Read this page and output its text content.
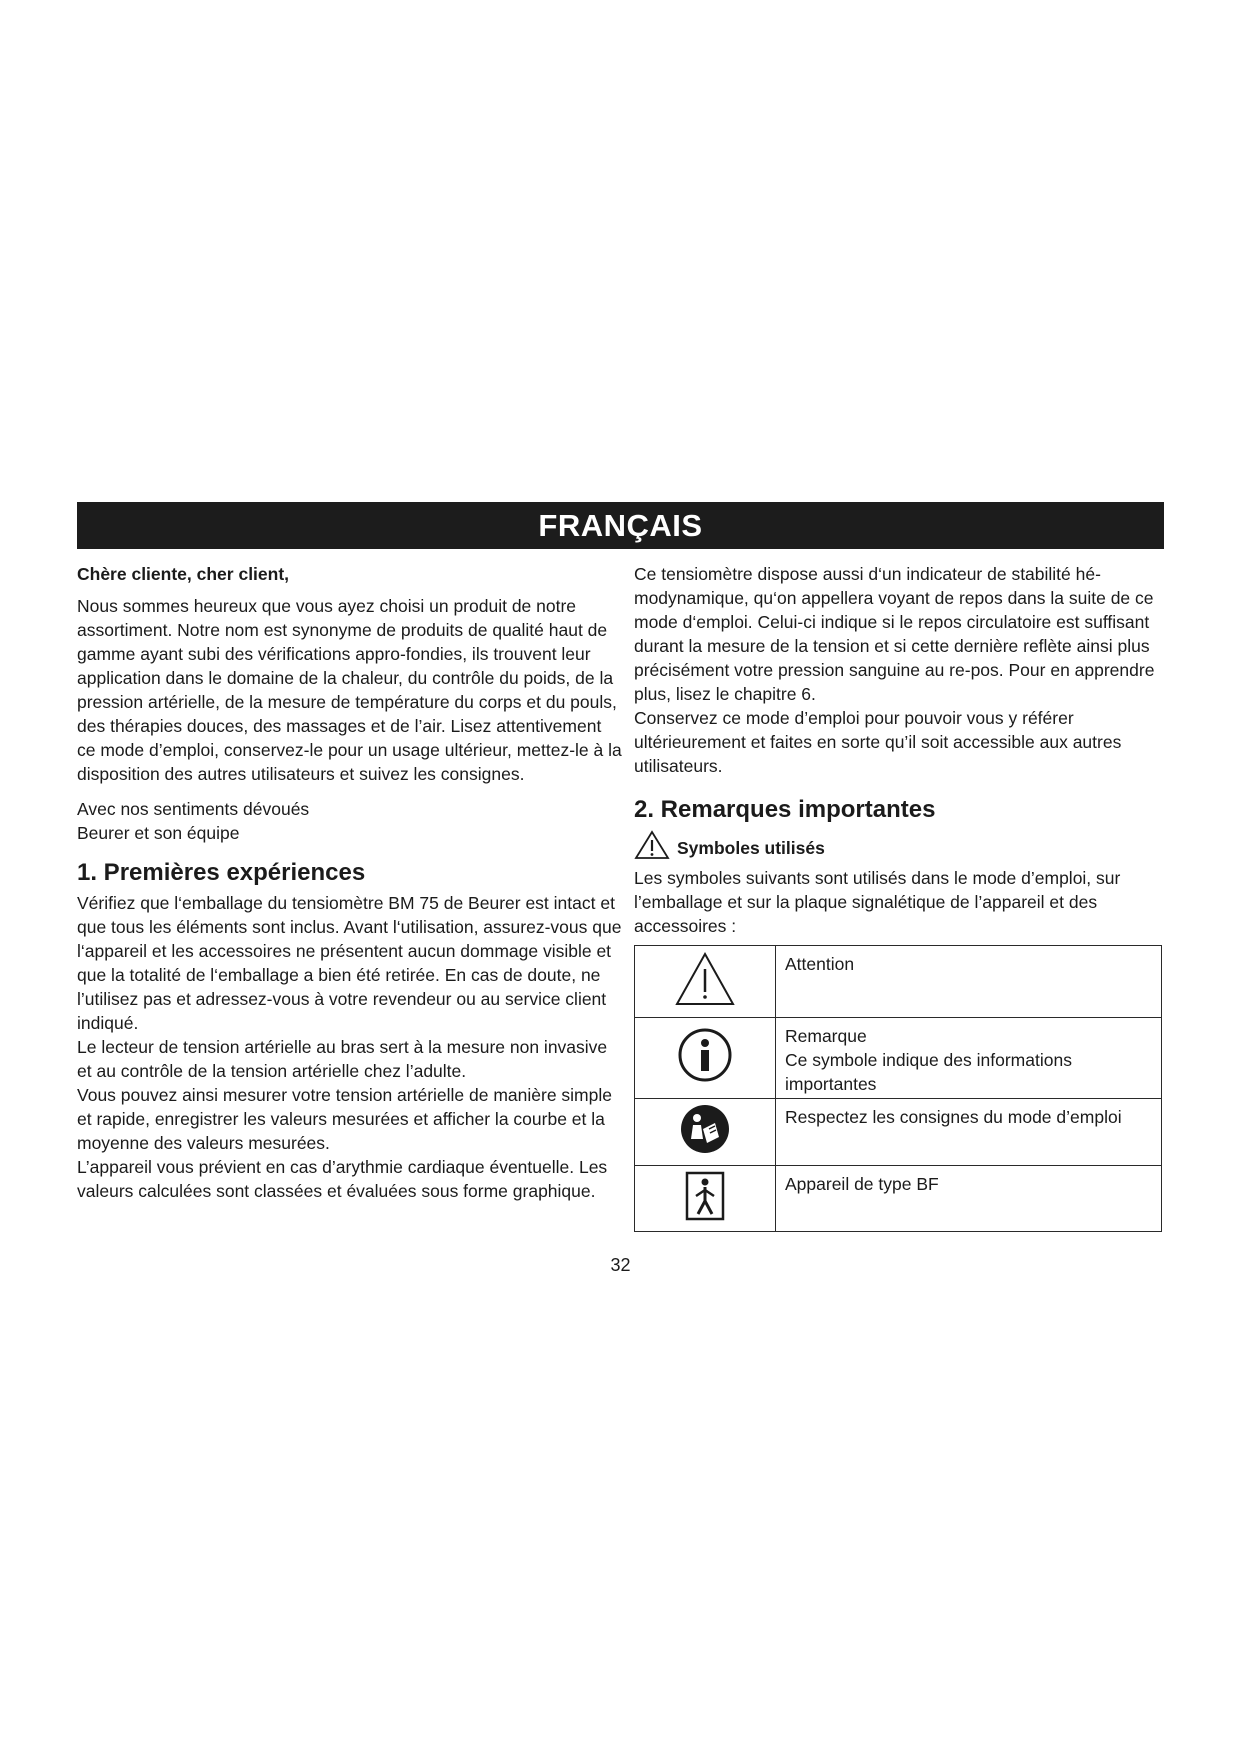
FRANÇAIS

Chère cliente, cher client,

Nous sommes heureux que vous ayez choisi un produit de notre assortiment. Notre nom est synonyme de produits de qualité haut de gamme ayant subi des vérifications appro-fondies, ils trouvent leur application dans le domaine de la chaleur, du contrôle du poids, de la pression artérielle, de la mesure de température du corps et du pouls, des thérapies douces, des massages et de l’air. Lisez attentivement ce mode d’emploi, conservez-le pour un usage ultérieur, mettez-le à la disposition des autres utilisateurs et suivez les consignes.

Avec nos sentiments dévoués

Beurer et son équipe

1. Premières expériences

Vérifiez que l‘emballage du tensiomètre BM 75 de Beurer est intact et que tous les éléments sont inclus. Avant l‘utilisation, assurez-vous que l‘appareil et les accessoires ne présentent aucun dommage visible et que la totalité de l‘emballage a bien été retirée. En cas de doute, ne l’utilisez pas et adressez-vous à votre revendeur ou au service client indiqué.

Le lecteur de tension artérielle au bras sert à la mesure non invasive et au contrôle de la tension artérielle chez l’adulte.

Vous pouvez ainsi mesurer votre tension artérielle de manière simple et rapide, enregistrer les valeurs mesurées et afficher la courbe et la moyenne des valeurs mesurées.

L’appareil vous prévient en cas d’arythmie cardiaque éventuelle. Les valeurs calculées sont classées et évaluées sous forme graphique.

Ce tensiomètre dispose aussi d‘un indicateur de stabilité hé-modynamique, qu‘on appellera voyant de repos dans la suite de ce mode d‘emploi. Celui-ci indique si le repos circulatoire est suffisant durant la mesure de la tension et si cette dernière reflète ainsi plus précisément votre pression sanguine au re-pos. Pour en apprendre plus, lisez le chapitre 6.

Conservez ce mode d’emploi pour pouvoir vous y référer ultérieurement et faites en sorte qu’il soit accessible aux autres utilisateurs.

2. Remarques importantes
Symboles utilisés

Les symboles suivants sont utilisés dans le mode d’emploi, sur l’emballage et sur la plaque signalétique de l’appareil et des accessoires :

Attention

Remarque
Ce symbole indique des informations importantes

Respectez les consignes du mode d’emploi

Appareil de type BF
32
